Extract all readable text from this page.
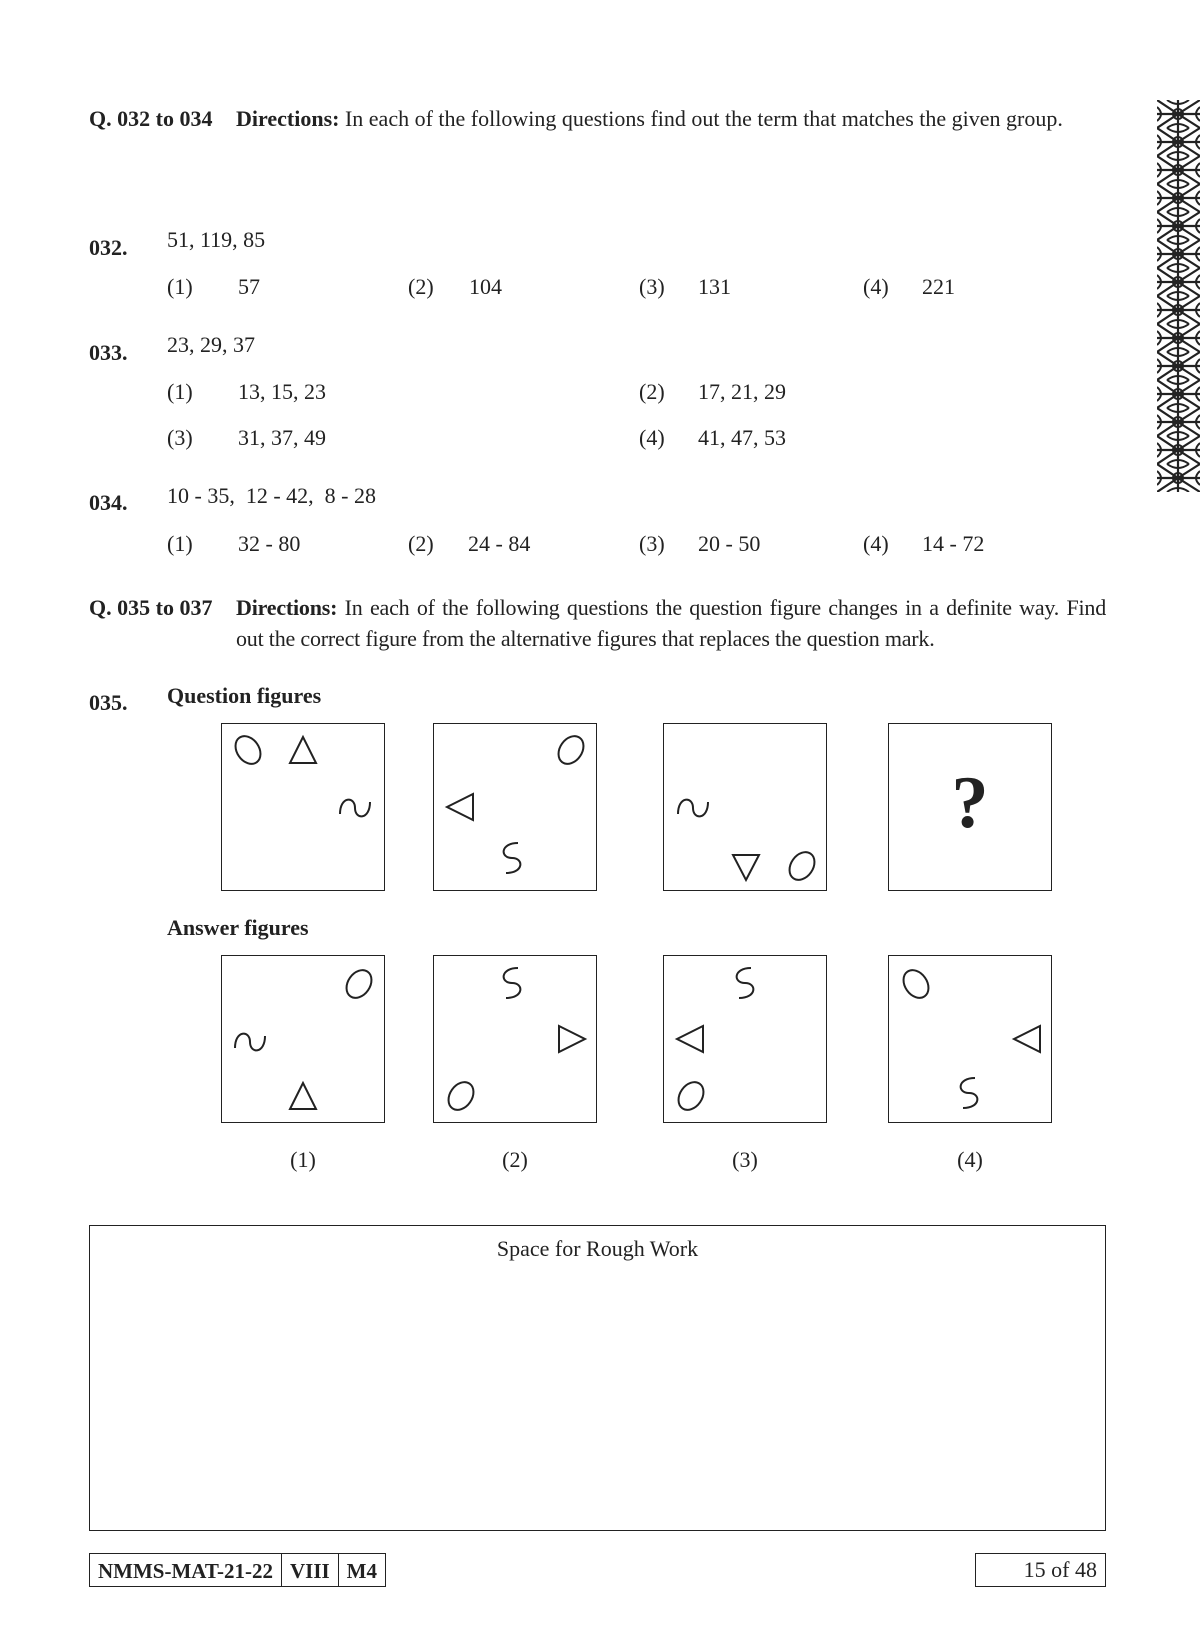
Q. 032 to 034 Directions: In each of the following questions find out the term that matches the given group.
032. 51, 119, 85
(1) 57	(2) 104	(3) 131	(4) 221
033. 23, 29, 37
(1) 13, 15, 23	(2) 17, 21, 29
(3) 31, 37, 49	(4) 41, 47, 53
034. 10 - 35,  12 - 42,  8 - 28
(1) 32 - 80	(2) 24 - 84	(3) 20 - 50	(4) 14 - 72
Q. 035 to 037 Directions: In each of the following questions the question figure changes in a definite way. Find out the correct figure from the alternative figures that replaces the question mark.
035. Question figures
?
Answer figures
(1)	(2)	(3)	(4)
Space for Rough Work
NMMS-MAT-21-22 VIII M4	15 of 48
